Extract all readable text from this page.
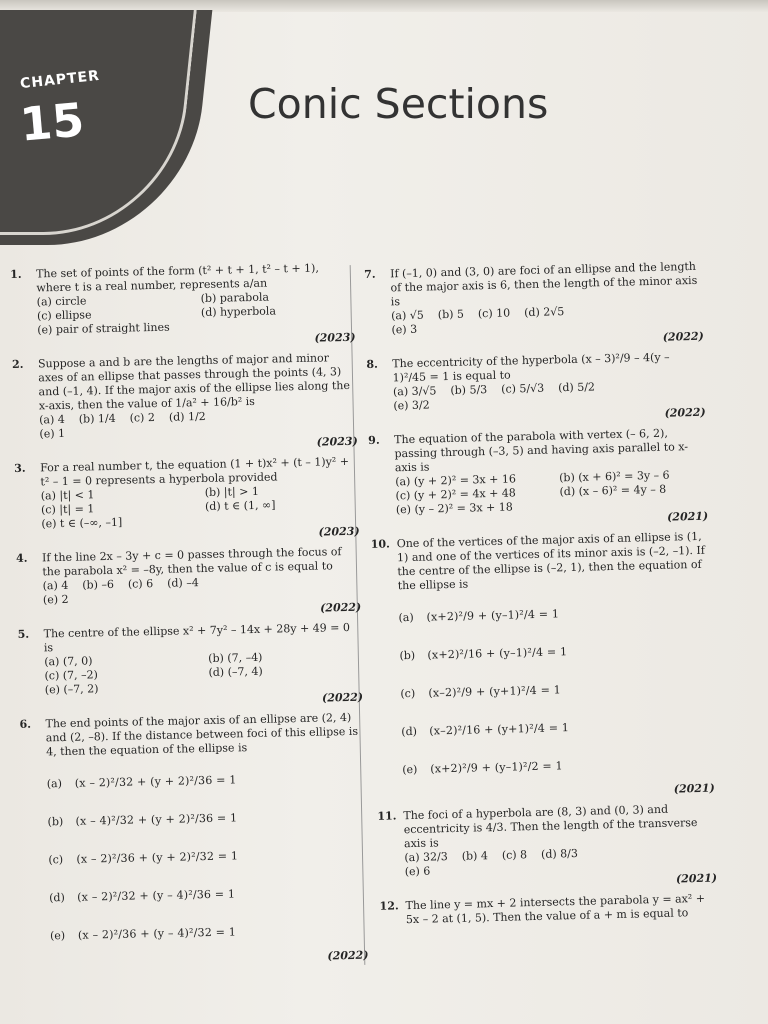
CHAPTER
15	Conic Sections
1. The set of points of the form (t² + t + 1, t² – t + 1), where t is a real number, represents a/an
(a) circle	(b) parabola
(c) ellipse	(d) hyperbola
(e) pair of straight lines
(2023)
2. Suppose a and b are the lengths of major and minor axes of an ellipse that passes through the points (4, 3) and (–1, 4). If the major axis of the ellipse lies along the x-axis, then the value of 1/a² + 16/b² is
(a) 4 (b) 1/4 (c) 2 (d) 1/2
(e) 1
(2023)
3. For a real number t, the equation (1 + t)x² + (t – 1)y² + t² – 1 = 0 represents a hyperbola provided
(a) |t| < 1	(b) |t| > 1
(c) |t| = 1	(d) t ∈ (1, ∞]
(e) t ∈ (–∞, –1]
(2023)
4. If the line 2x – 3y + c = 0 passes through the focus of the parabola x² = –8y, then the value of c is equal to
(a) 4 (b) –6 (c) 6 (d) –4
(e) 2
(2022)
5. The centre of the ellipse x² + 7y² – 14x + 28y + 49 = 0 is
(a) (7, 0)	(b) (7, –4)
(c) (7, –2)	(d) (–7, 4)
(e) (–7, 2)
(2022)
6. The end points of the major axis of an ellipse are (2, 4) and (2, –8). If the distance between foci of this ellipse is 4, then the equation of the ellipse is
(a)	(x – 2)²/32 + (y + 2)²/36 = 1
(b)	(x – 4)²/32 + (y + 2)²/36 = 1
(c)	(x – 2)²/36 + (y + 2)²/32 = 1
(d)	(x – 2)²/32 + (y – 4)²/36 = 1
(e)	(x – 2)²/36 + (y – 4)²/32 = 1
(2022)
7. If (–1, 0) and (3, 0) are foci of an ellipse and the length of the major axis is 6, then the length of the minor axis is
(a) √5 (b) 5 (c) 10 (d) 2√5
(e) 3
(2022)
8. The eccentricity of the hyperbola (x – 3)²/9 – 4(y – 1)²/45 = 1 is equal to
(a) 3/√5 (b) 5/3 (c) 5/√3 (d) 5/2
(e) 3/2
(2022)
9. The equation of the parabola with vertex (– 6, 2), passing through (–3, 5) and having axis parallel to x-axis is
(a) (y + 2)² = 3x + 16	(b) (x + 6)² = 3y – 6
(c) (y + 2)² = 4x + 48	(d) (x – 6)² = 4y – 8
(e) (y – 2)² = 3x + 18
(2021)
10. One of the vertices of the major axis of an ellipse is (1, 1) and one of the vertices of its minor axis is (–2, –1). If the centre of the ellipse is (–2, 1), then the equation of the ellipse is
(a)	(x+2)²/9 + (y–1)²/4 = 1
(b)	(x+2)²/16 + (y–1)²/4 = 1
(c)	(x–2)²/9 + (y+1)²/4 = 1
(d)	(x–2)²/16 + (y+1)²/4 = 1
(e)	(x+2)²/9 + (y–1)²/2 = 1
(2021)
11. The foci of a hyperbola are (8, 3) and (0, 3) and eccentricity is 4/3. Then the length of the transverse axis is
(a) 32/3 (b) 4 (c) 8 (d) 8/3
(e) 6
(2021)
12. The line y = mx + 2 intersects the parabola y = ax² + 5x – 2 at (1, 5). Then the value of a + m is equal to
